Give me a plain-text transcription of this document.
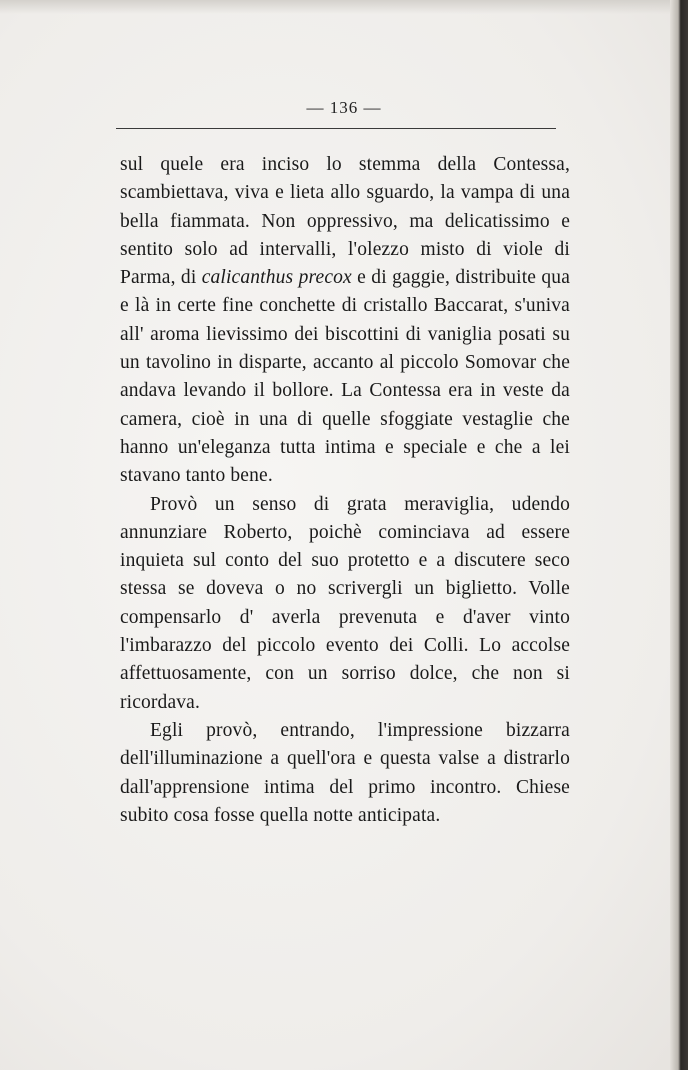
— 136 —

sul quele era inciso lo stemma della Contessa, scambiettava, viva e lieta allo sguardo, la vampa di una bella fiammata. Non oppressivo, ma delicatissimo e sentito solo ad intervalli, l'olezzo misto di viole di Parma, di calicanthus precox e di gaggie, distribuite qua e là in certe fine conchette di cristallo Baccarat, s'univa all' aroma lievissimo dei biscottini di vaniglia posati su un tavolino in disparte, accanto al piccolo Somovar che andava levando il bollore. La Contessa era in veste da camera, cioè in una di quelle sfoggiate vestaglie che hanno un'eleganza tutta intima e speciale e che a lei stavano tanto bene.

Provò un senso di grata meraviglia, udendo annunziare Roberto, poichè cominciava ad essere inquieta sul conto del suo protetto e a discutere seco stessa se doveva o no scrivergli un biglietto. Volle compensarlo d' averla prevenuta e d'aver vinto l'imbarazzo del piccolo evento dei Colli. Lo accolse affettuosamente, con un sorriso dolce, che non si ricordava.

Egli provò, entrando, l'impressione bizzarra dell'illuminazione a quell'ora e questa valse a distrarlo dall'apprensione intima del primo incontro. Chiese subito cosa fosse quella notte anticipata.
